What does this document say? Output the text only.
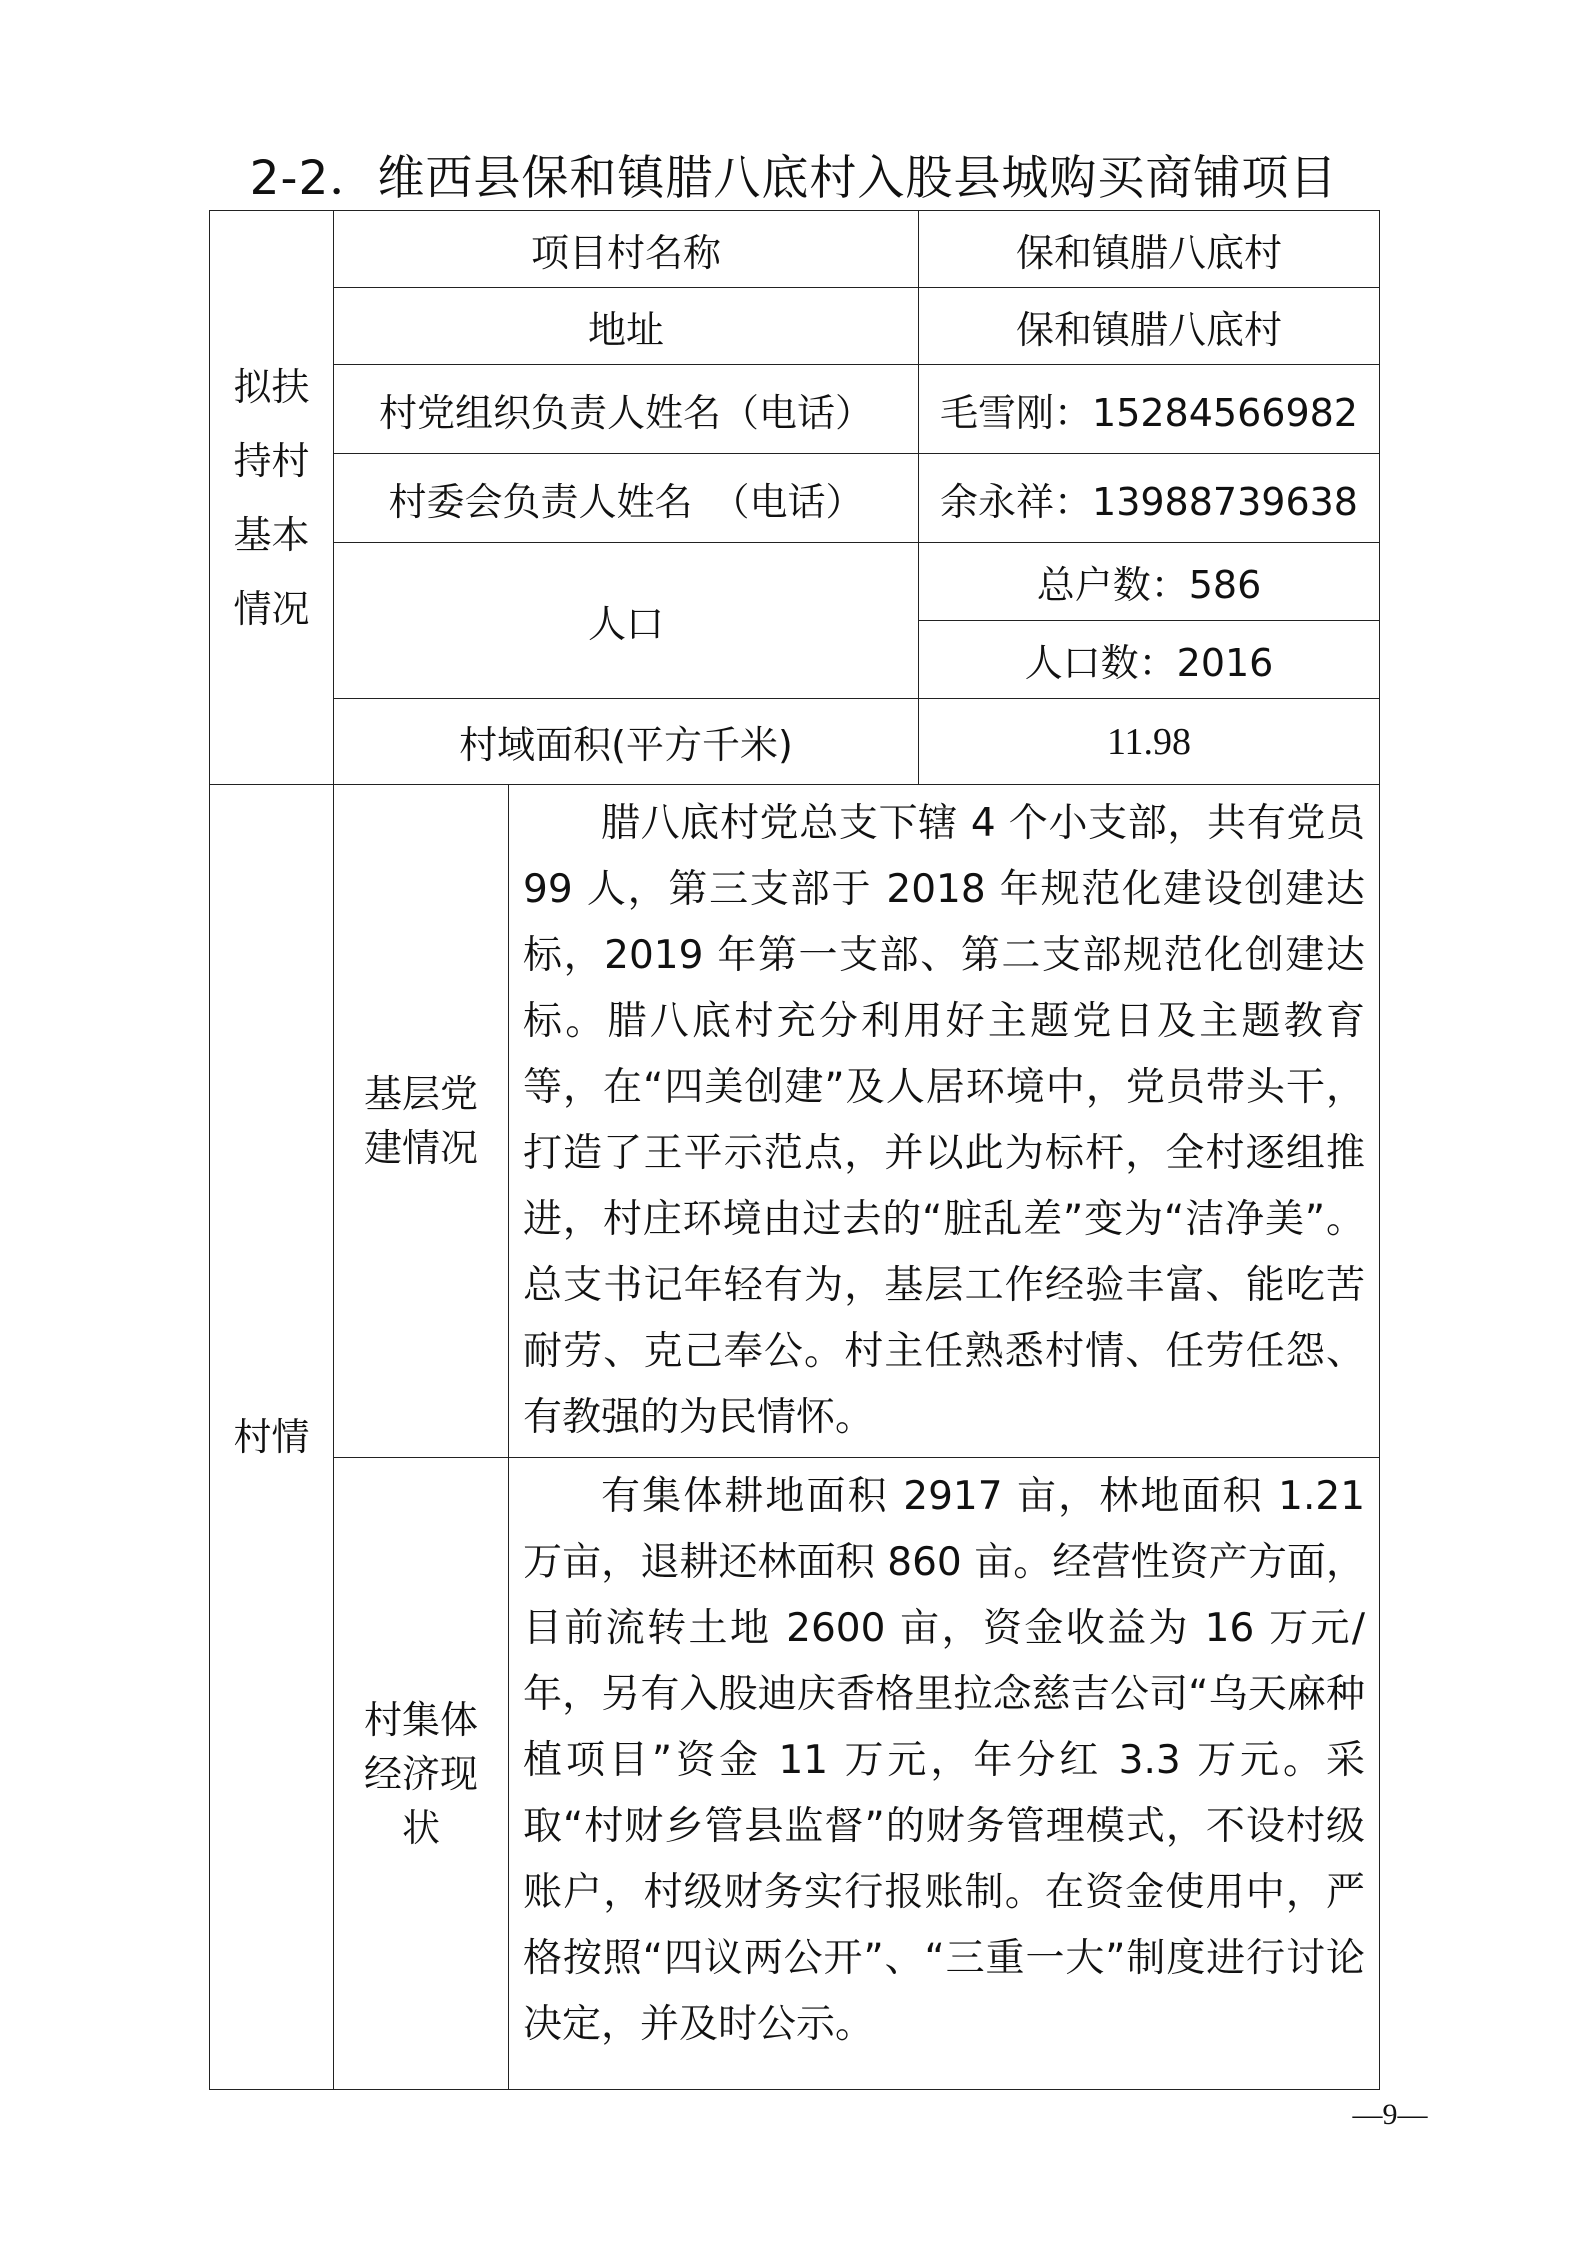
2-2．维西县保和镇腊八底村入股县城购买商铺项目
拟扶持村基本情况	项目村名称		保和镇腊八底村
	地址		保和镇腊八底村
	村党组织负责人姓名（电话）		毛雪刚：15284566982
	村委会负责人姓名　（电话）		余永祥：13988739638
	人口		总户数：586
			人口数：2016
	村域面积(平方千米)		11.98
村情	基层党建情况	腊八底村党总支下辖 4 个小支部，共有党员 99 人，第三支部于 2018 年规范化建设创建达标，2019 年第一支部、第二支部规范化创建达标。腊八底村充分利用好主题党日及主题教育等，在“四美创建”及人居环境中，党员带头干，打造了王平示范点，并以此为标杆，全村逐组推进，村庄环境由过去的“脏乱差”变为“洁净美”。总支书记年轻有为，基层工作经验丰富、能吃苦耐劳、克己奉公。村主任熟悉村情、任劳任怨、有教强的为民情怀。	
	村集体经济现状	有集体耕地面积 2917 亩，林地面积 1.21 万亩，退耕还林面积 860 亩。经营性资产方面，目前流转土地 2600 亩，资金收益为 16 万元/年，另有入股迪庆香格里拉念慈吉公司“乌天麻种植项目”资金 11 万元，年分红 3.3 万元。采取“村财乡管县监督”的财务管理模式，不设村级账户，村级财务实行报账制。在资金使用中，严格按照“四议两公开”、“三重一大”制度进行讨论决定，并及时公示。	
—9—
